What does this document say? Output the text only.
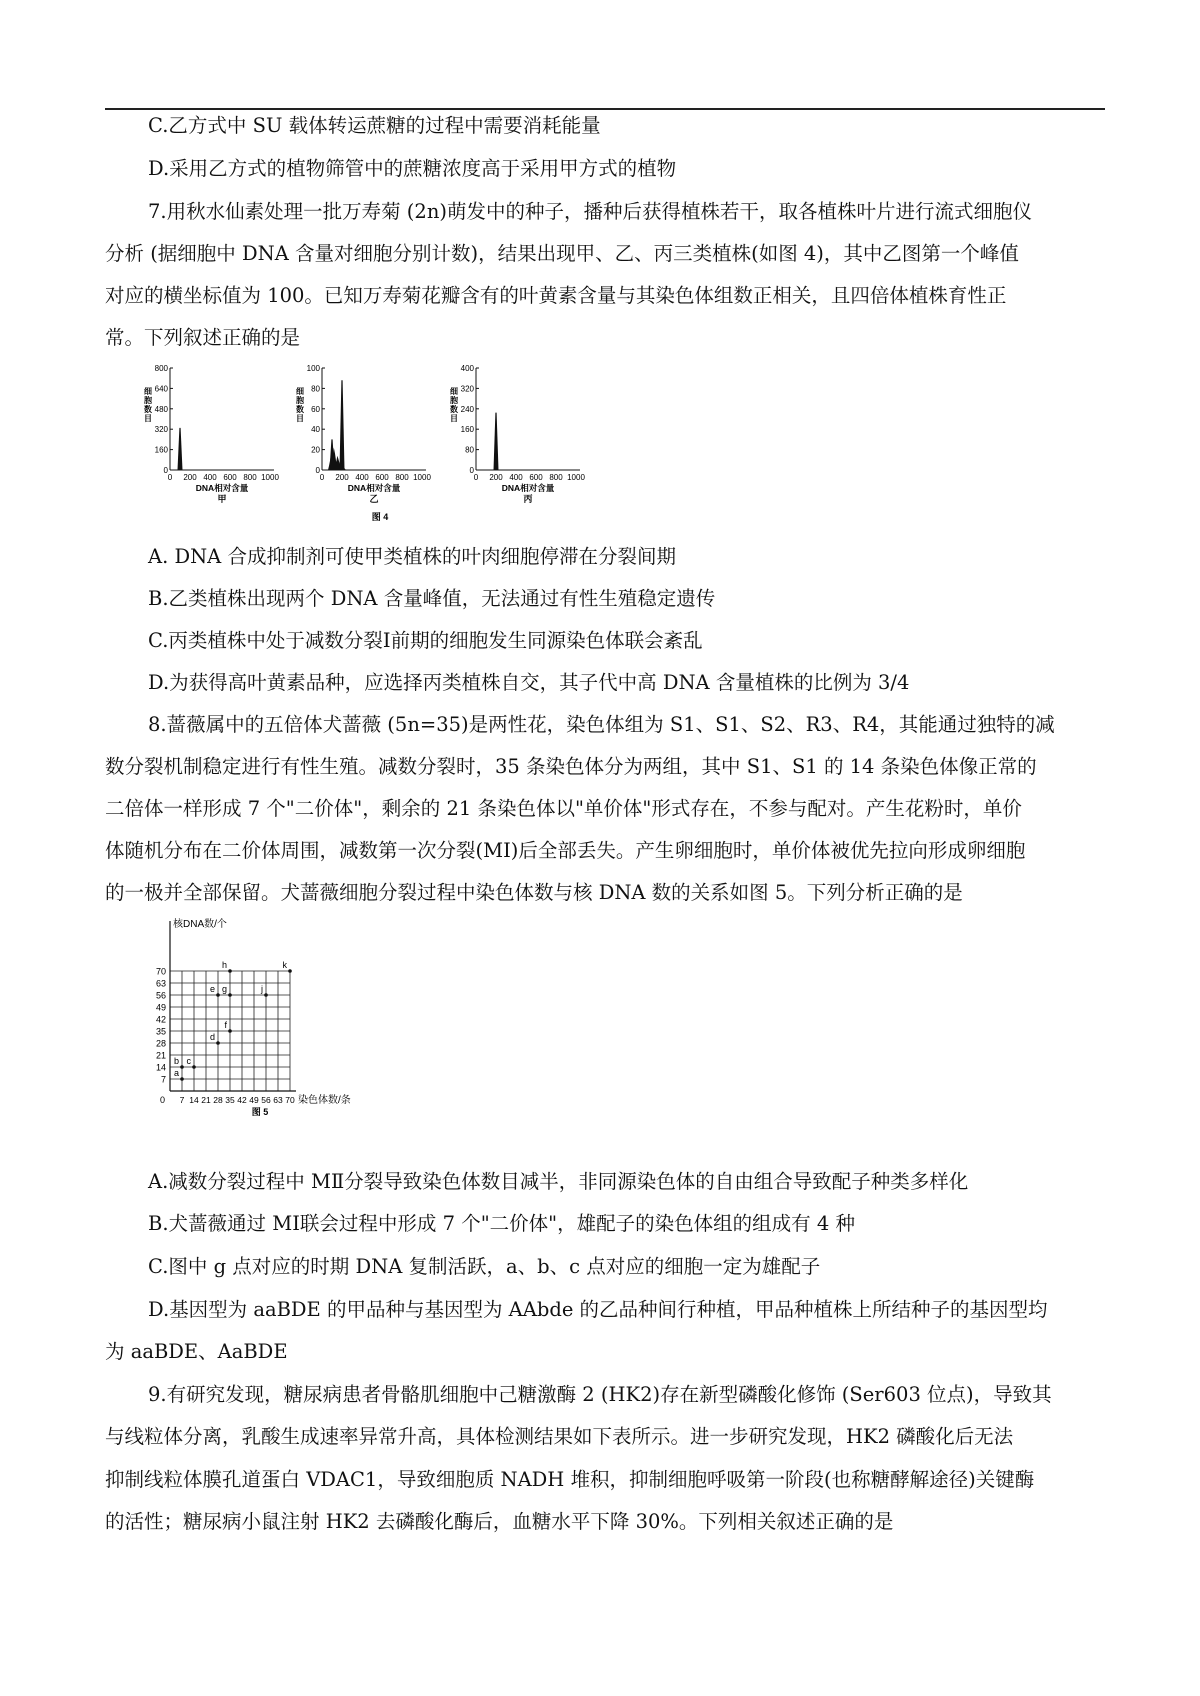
C.乙方式中 SU 载体转运蔗糖的过程中需要消耗能量

D.采用乙方式的植物筛管中的蔗糖浓度高于采用甲方式的植物

7.用秋水仙素处理一批万寿菊 (2n)萌发中的种子，播种后获得植株若干，取各植株叶片进行流式细胞仪

分析 (据细胞中 DNA 含量对细胞分别计数)，结果出现甲、乙、丙三类植株(如图 4)，其中乙图第一个峰值

对应的横坐标值为 100。已知万寿菊花瓣含有的叶黄素含量与其染色体组数正相关，且四倍体植株育性正

常。下列叙述正确的是

0
160
320
480
640
800
0 200 400 600 800 1000
细
胞
数
目
DNA相对含量
甲
0
20
40
60
80
100
0 200 400 600 800 1000
细
胞
数
目
DNA相对含量
乙
0
80
160
240
320
400
0 200 400 600 800 1000
细
胞
数
目
DNA相对含量
丙
图 4

A. DNA 合成抑制剂可使甲类植株的叶肉细胞停滞在分裂间期

B.乙类植株出现两个 DNA 含量峰值，无法通过有性生殖稳定遗传

C.丙类植株中处于减数分裂Ⅰ前期的细胞发生同源染色体联会紊乱

D.为获得高叶黄素品种，应选择丙类植株自交，其子代中高 DNA 含量植株的比例为 3/4

8.蔷薇属中的五倍体犬蔷薇 (5n=35)是两性花，染色体组为 S1、S1、S2、R3、R4，其能通过独特的减

数分裂机制稳定进行有性生殖。减数分裂时，35 条染色体分为两组，其中 S1、S1 的 14 条染色体像正常的

二倍体一样形成 7 个"二价体"，剩余的 21 条染色体以"单价体"形式存在，不参与配对。产生花粉时，单价

体随机分布在二价体周围，减数第一次分裂(MⅠ)后全部丢失。产生卵细胞时，单价体被优先拉向形成卵细胞

的一极并全部保留。犬蔷薇细胞分裂过程中染色体数与核 DNA 数的关系如图 5。下列分析正确的是

核DNA数/个
染色体数/条
0
7
14
21
28
35
42
49
56
63
70
7 14 21 28 35 42 49 56 63 70
a
b c
d
f
e g	j
h	k
图 5

A.减数分裂过程中 MⅡ分裂导致染色体数目减半，非同源染色体的自由组合导致配子种类多样化

B.犬蔷薇通过 MⅠ联会过程中形成 7 个"二价体"，雄配子的染色体组的组成有 4 种

C.图中 g 点对应的时期 DNA 复制活跃，a、b、c 点对应的细胞一定为雄配子

D.基因型为 aaBDE 的甲品种与基因型为 AAbde 的乙品种间行种植，甲品种植株上所结种子的基因型均

为 aaBDE、AaBDE

9.有研究发现，糖尿病患者骨骼肌细胞中己糖激酶 2 (HK2)存在新型磷酸化修饰 (Ser603 位点)，导致其

与线粒体分离，乳酸生成速率异常升高，具体检测结果如下表所示。进一步研究发现，HK2 磷酸化后无法

抑制线粒体膜孔道蛋白 VDAC1，导致细胞质 NADH 堆积，抑制细胞呼吸第一阶段(也称糖酵解途径)关键酶

的活性；糖尿病小鼠注射 HK2 去磷酸化酶后，血糖水平下降 30%。下列相关叙述正确的是
